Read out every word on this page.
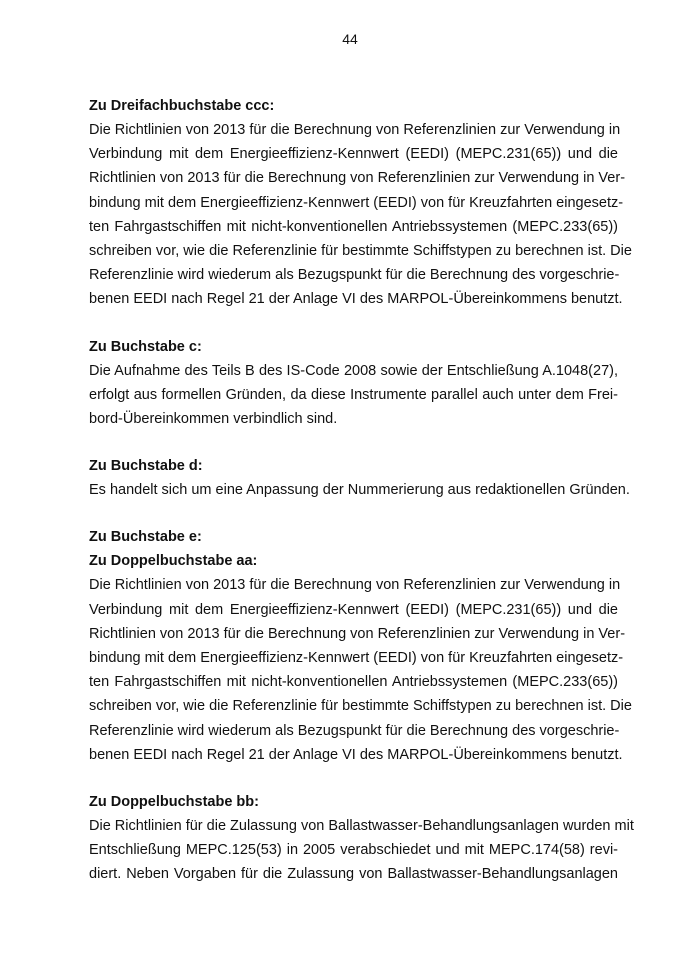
44

Zu Dreifachbuchstabe ccc:

Die Richtlinien von 2013 für die Berechnung von Referenzlinien zur Verwendung in
Verbindung mit dem Energieeffizienz-Kennwert (EEDI) (MEPC.231(65)) und die
Richtlinien von 2013 für die Berechnung von Referenzlinien zur Verwendung in Ver-
bindung mit dem Energieeffizienz-Kennwert (EEDI) von für Kreuzfahrten eingesetz-
ten Fahrgastschiffen mit nicht-konventionellen Antriebssystemen (MEPC.233(65))
schreiben vor, wie die Referenzlinie für bestimmte Schiffstypen zu berechnen ist. Die
Referenzlinie wird wiederum als Bezugspunkt für die Berechnung des vorgeschrie-
benen EEDI nach Regel 21 der Anlage VI des MARPOL-Übereinkommens benutzt.

Zu Buchstabe c:

Die Aufnahme des Teils B des IS-Code 2008 sowie der Entschließung A.1048(27),
erfolgt aus formellen Gründen, da diese Instrumente parallel auch unter dem Frei-
bord-Übereinkommen verbindlich sind.

Zu Buchstabe d:

Es handelt sich um eine Anpassung der Nummerierung aus redaktionellen Gründen.

Zu Buchstabe e:

Zu Doppelbuchstabe aa:

Die Richtlinien von 2013 für die Berechnung von Referenzlinien zur Verwendung in
Verbindung mit dem Energieeffizienz-Kennwert (EEDI) (MEPC.231(65)) und die
Richtlinien von 2013 für die Berechnung von Referenzlinien zur Verwendung in Ver-
bindung mit dem Energieeffizienz-Kennwert (EEDI) von für Kreuzfahrten eingesetz-
ten Fahrgastschiffen mit nicht-konventionellen Antriebssystemen (MEPC.233(65))
schreiben vor, wie die Referenzlinie für bestimmte Schiffstypen zu berechnen ist. Die
Referenzlinie wird wiederum als Bezugspunkt für die Berechnung des vorgeschrie-
benen EEDI nach Regel 21 der Anlage VI des MARPOL-Übereinkommens benutzt.

Zu Doppelbuchstabe bb:

Die Richtlinien für die Zulassung von Ballastwasser-Behandlungsanlagen wurden mit
Entschließung MEPC.125(53) in 2005 verabschiedet und mit MEPC.174(58) revi-
diert. Neben Vorgaben für die Zulassung von Ballastwasser-Behandlungsanlagen
